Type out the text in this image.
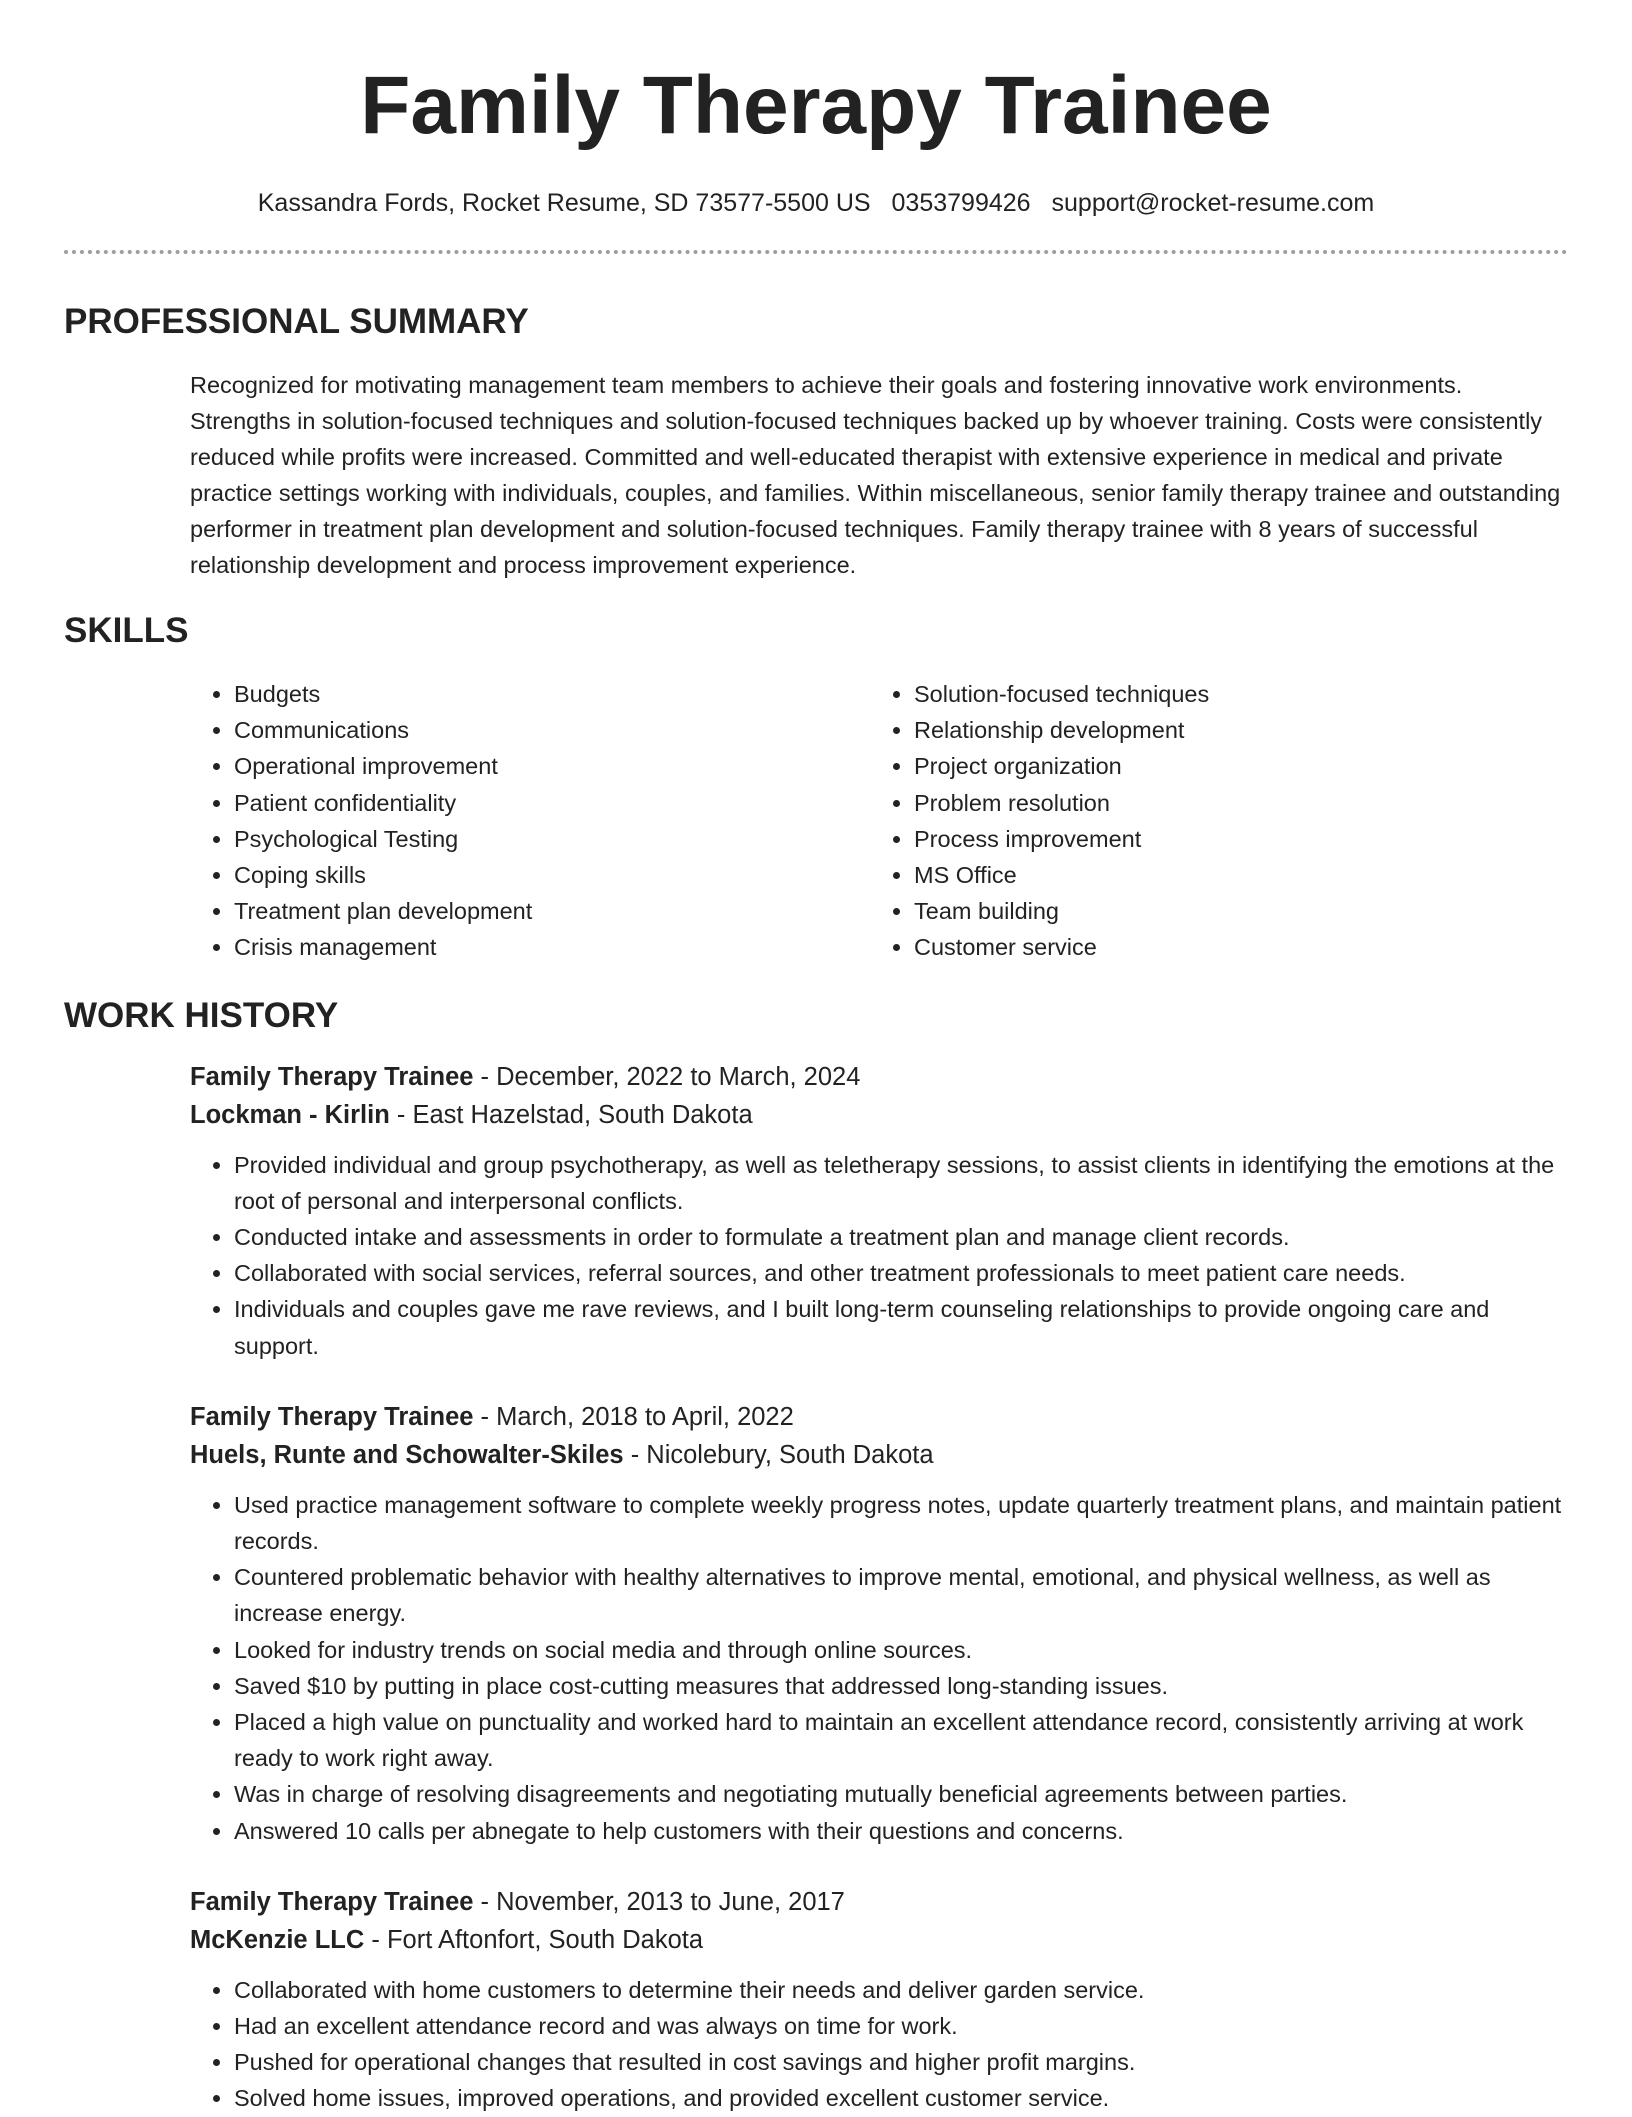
Family Therapy Trainee
Kassandra Fords, Rocket Resume, SD 73577-5500 US 0353799426 support@rocket-resume.com
PROFESSIONAL SUMMARY

Recognized for motivating management team members to achieve their goals and fostering innovative work environments. Strengths in solution-focused techniques and solution-focused techniques backed up by whoever training. Costs were consistently reduced while profits were increased. Committed and well-educated therapist with extensive experience in medical and private practice settings working with individuals, couples, and families. Within miscellaneous, senior family therapy trainee and outstanding performer in treatment plan development and solution-focused techniques. Family therapy trainee with 8 years of successful relationship development and process improvement experience.

SKILLS
• Budgets
• Communications
• Operational improvement
• Patient confidentiality
• Psychological Testing
• Coping skills
• Treatment plan development
• Crisis management
• Solution-focused techniques
• Relationship development
• Project organization
• Problem resolution
• Process improvement
• MS Office
• Team building
• Customer service
WORK HISTORY
Family Therapy Trainee - December, 2022 to March, 2024
Lockman - Kirlin - East Hazelstad, South Dakota
• Provided individual and group psychotherapy, as well as teletherapy sessions, to assist clients in identifying the emotions at the root of personal and interpersonal conflicts.
• Conducted intake and assessments in order to formulate a treatment plan and manage client records.
• Collaborated with social services, referral sources, and other treatment professionals to meet patient care needs.
• Individuals and couples gave me rave reviews, and I built long-term counseling relationships to provide ongoing care and support.
Family Therapy Trainee - March, 2018 to April, 2022
Huels, Runte and Schowalter-Skiles - Nicolebury, South Dakota
• Used practice management software to complete weekly progress notes, update quarterly treatment plans, and maintain patient records.
• Countered problematic behavior with healthy alternatives to improve mental, emotional, and physical wellness, as well as increase energy.
• Looked for industry trends on social media and through online sources.
• Saved $10 by putting in place cost-cutting measures that addressed long-standing issues.
• Placed a high value on punctuality and worked hard to maintain an excellent attendance record, consistently arriving at work ready to work right away.
• Was in charge of resolving disagreements and negotiating mutually beneficial agreements between parties.
• Answered 10 calls per abnegate to help customers with their questions and concerns.
Family Therapy Trainee - November, 2013 to June, 2017
McKenzie LLC - Fort Aftonfort, South Dakota
• Collaborated with home customers to determine their needs and deliver garden service.
• Had an excellent attendance record and was always on time for work.
• Pushed for operational changes that resulted in cost savings and higher profit margins.
• Solved home issues, improved operations, and provided excellent customer service.
